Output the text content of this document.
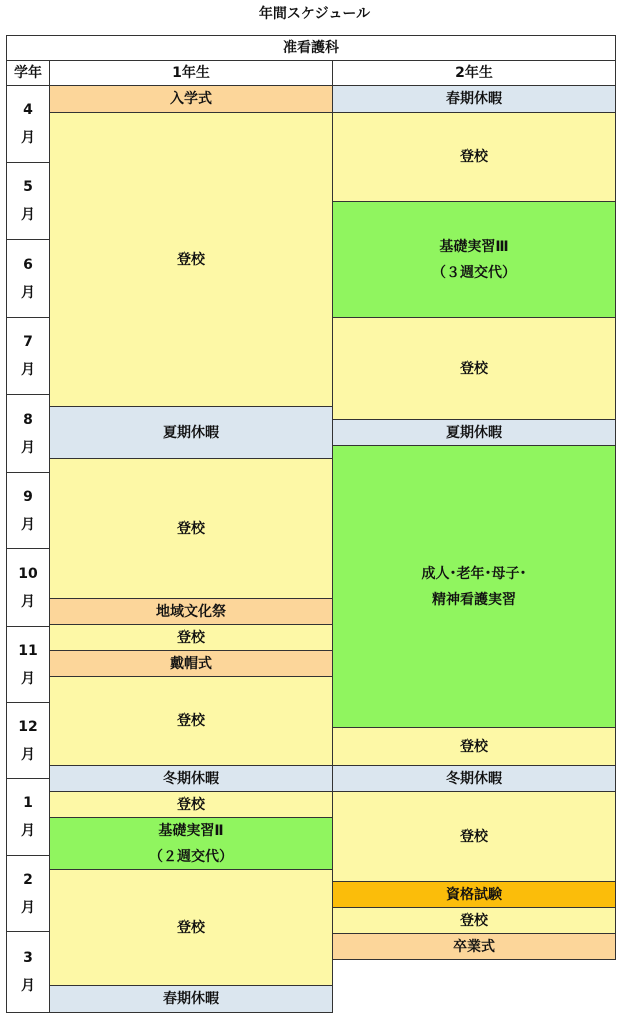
年間スケジュール
准看護科
学年	1年生	2年生
4
月
5
月
6
月
7
月
8
月
9
月
10
月
11
月
12
月
1
月
2
月
3
月
入学式
登校
夏期休暇
登校
地域文化祭
登校
戴帽式
登校
冬期休暇
登校
基礎実習Ⅱ
（２週交代）
登校
春期休暇
春期休暇
登校
基礎実習Ⅲ
（３週交代）
登校
夏期休暇
成人･老年･母子･
精神看護実習
登校
冬期休暇
登校
資格試験
登校
卒業式
